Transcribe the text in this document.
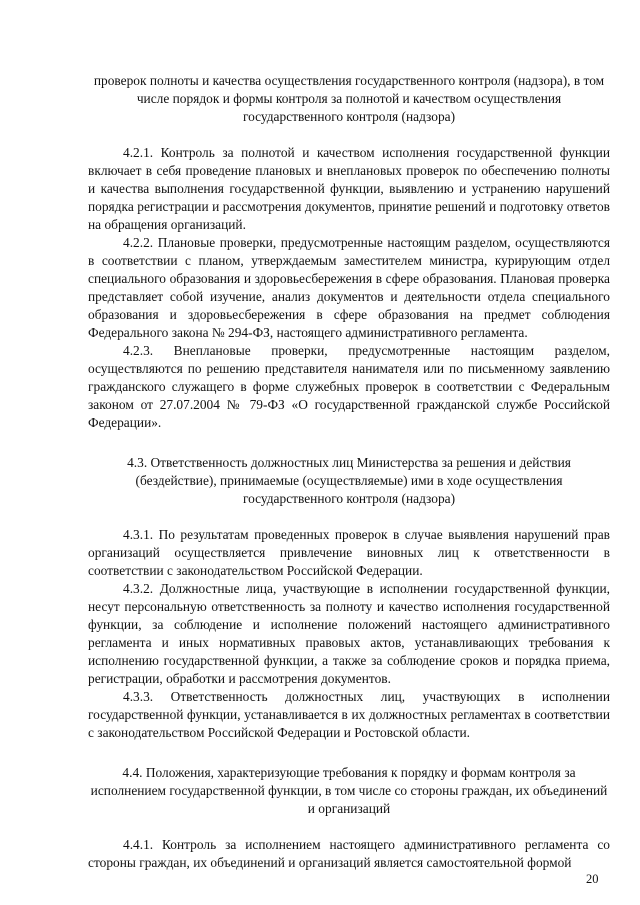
проверок полноты и качества осуществления государственного контроля (надзора), в том числе порядок и формы контроля за полнотой и качеством осуществления государственного контроля (надзора)

4.2.1. Контроль за полнотой и качеством исполнения государственной функции включает в себя проведение плановых и внеплановых проверок по обеспечению полноты и качества выполнения государственной функции, выявлению и устранению нарушений порядка регистрации и рассмотрения документов, принятие решений и подготовку ответов на обращения организаций.

4.2.2. Плановые проверки, предусмотренные настоящим разделом, осуществляются в соответствии с планом, утверждаемым заместителем министра, курирующим отдел специального образования и здоровьесбережения в сфере образования. Плановая проверка представляет собой изучение, анализ документов и деятельности отдела специального образования и здоровьесбережения в сфере образования на предмет соблюдения Федерального закона № 294-ФЗ, настоящего административного регламента.

4.2.3. Внеплановые проверки, предусмотренные настоящим разделом, осуществляются по решению представителя нанимателя или по письменному заявлению гражданского служащего в форме служебных проверок в соответствии с Федеральным законом от 27.07.2004 № 79-ФЗ «О государственной гражданской службе Российской Федерации».

4.3. Ответственность должностных лиц Министерства за решения и действия (бездействие), принимаемые (осуществляемые) ими в ходе осуществления государственного контроля (надзора)

4.3.1. По результатам проведенных проверок в случае выявления нарушений прав организаций осуществляется привлечение виновных лиц к ответственности в соответствии с законодательством Российской Федерации.

4.3.2. Должностные лица, участвующие в исполнении государственной функции, несут персональную ответственность за полноту и качество исполнения государственной функции, за соблюдение и исполнение положений настоящего административного регламента и иных нормативных правовых актов, устанавливающих требования к исполнению государственной функции, а также за соблюдение сроков и порядка приема, регистрации, обработки и рассмотрения документов.

4.3.3. Ответственность должностных лиц, участвующих в исполнении государственной функции, устанавливается в их должностных регламентах в соответствии с законодательством Российской Федерации и Ростовской области.

4.4. Положения, характеризующие требования к порядку и формам контроля за исполнением государственной функции, в том числе со стороны граждан, их объединений и организаций

4.4.1. Контроль за исполнением настоящего административного регламента со стороны граждан, их объединений и организаций является самостоятельной формой

20
